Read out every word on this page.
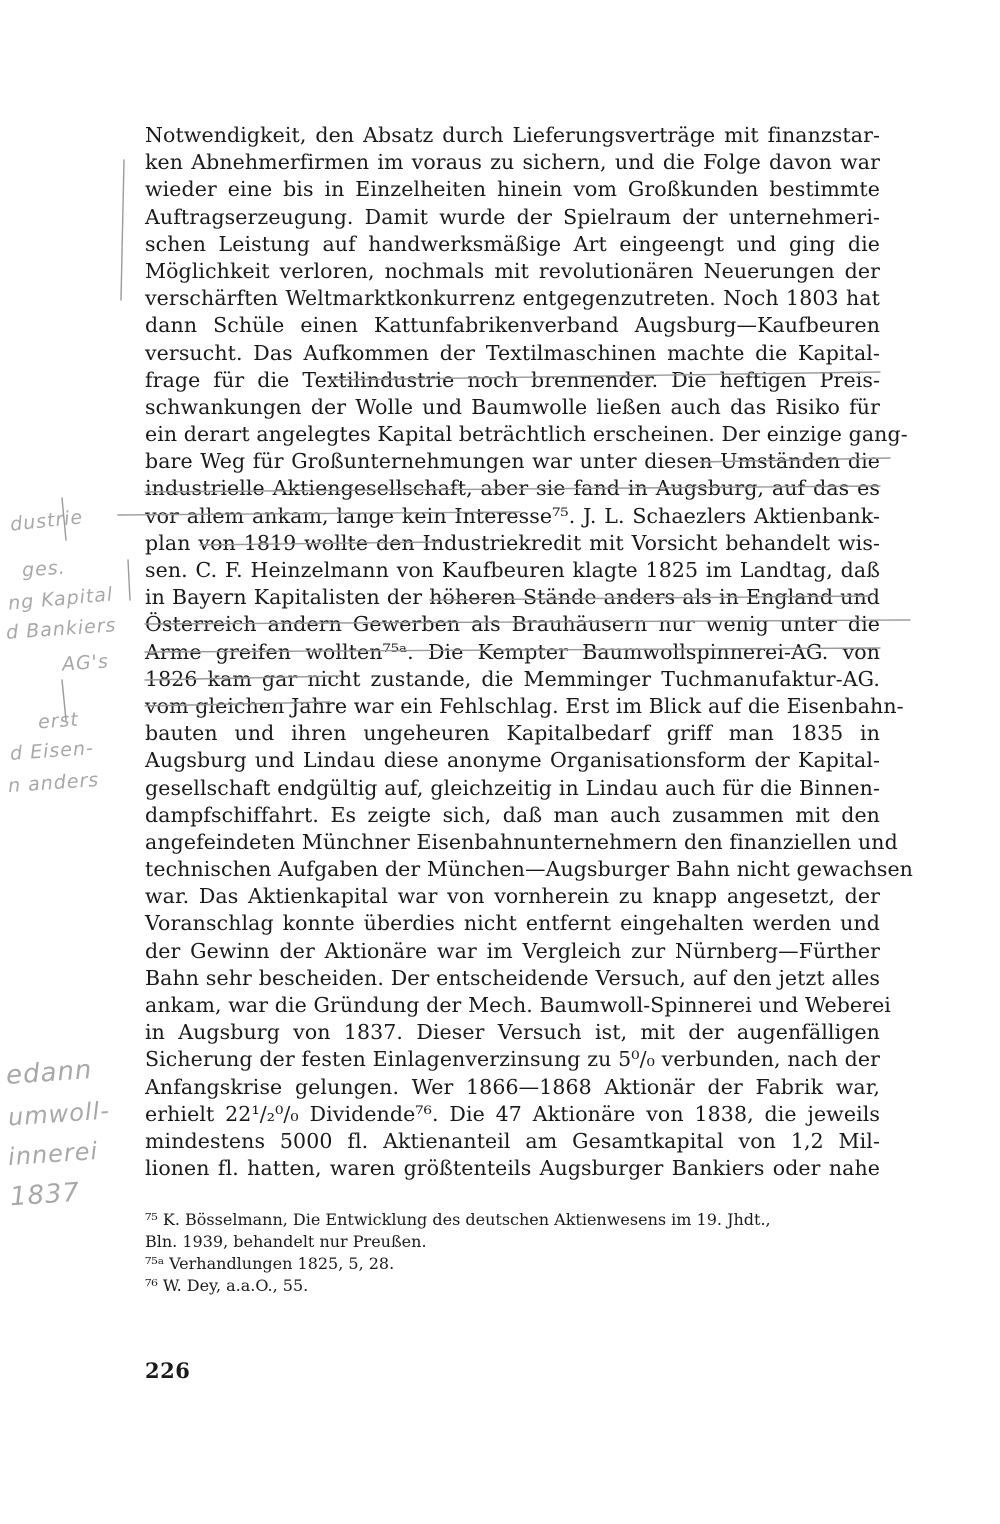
Notwendigkeit, den Absatz durch Lieferungsverträge mit finanzstar-
ken Abnehmerfirmen im voraus zu sichern, und die Folge davon war
wieder eine bis in Einzelheiten hinein vom Großkunden bestimmte
Auftragserzeugung. Damit wurde der Spielraum der unternehmeri-
schen Leistung auf handwerksmäßige Art eingeengt und ging die
Möglichkeit verloren, nochmals mit revolutionären Neuerungen der
verschärften Weltmarktkonkurrenz entgegenzutreten. Noch 1803 hat
dann Schüle einen Kattunfabrikenverband Augsburg—Kaufbeuren
versucht. Das Aufkommen der Textilmaschinen machte die Kapital-
frage für die Textilindustrie noch brennender. Die heftigen Preis-
schwankungen der Wolle und Baumwolle ließen auch das Risiko für
ein derart angelegtes Kapital beträchtlich erscheinen. Der einzige gang-
bare Weg für Großunternehmungen war unter diesen Umständen die
industrielle Aktiengesellschaft, aber sie fand in Augsburg, auf das es
vor allem ankam, lange kein Interesse⁷⁵. J. L. Schaezlers Aktienbank-
plan von 1819 wollte den Industriekredit mit Vorsicht behandelt wis-
sen. C. F. Heinzelmann von Kaufbeuren klagte 1825 im Landtag, daß
in Bayern Kapitalisten der höheren Stände anders als in England und
Österreich andern Gewerben als Brauhäusern nur wenig unter die
Arme greifen wollten⁷⁵ᵃ. Die Kempter Baumwollspinnerei-AG. von
1826 kam gar nicht zustande, die Memminger Tuchmanufaktur-AG.
vom gleichen Jahre war ein Fehlschlag. Erst im Blick auf die Eisenbahn-
bauten und ihren ungeheuren Kapitalbedarf griff man 1835 in
Augsburg und Lindau diese anonyme Organisationsform der Kapital-
gesellschaft endgültig auf, gleichzeitig in Lindau auch für die Binnen-
dampfschiffahrt. Es zeigte sich, daß man auch zusammen mit den
angefeindeten Münchner Eisenbahnunternehmern den finanziellen und
technischen Aufgaben der München—Augsburger Bahn nicht gewachsen
war. Das Aktienkapital war von vornherein zu knapp angesetzt, der
Voranschlag konnte überdies nicht entfernt eingehalten werden und
der Gewinn der Aktionäre war im Vergleich zur Nürnberg—Fürther
Bahn sehr bescheiden. Der entscheidende Versuch, auf den jetzt alles
ankam, war die Gründung der Mech. Baumwoll-Spinnerei und Weberei
in Augsburg von 1837. Dieser Versuch ist, mit der augenfälligen
Sicherung der festen Einlagenverzinsung zu 5⁰/₀ verbunden, nach der
Anfangskrise gelungen. Wer 1866—1868 Aktionär der Fabrik war,
erhielt 22¹/₂⁰/₀ Dividende⁷⁶. Die 47 Aktionäre von 1838, die jeweils
mindestens 5000 fl. Aktienanteil am Gesamtkapital von 1,2 Mil-
lionen fl. hatten, waren größtenteils Augsburger Bankiers oder nahe
⁷⁵ K. Bösselmann, Die Entwicklung des deutschen Aktienwesens im 19. Jhdt.,
Bln. 1939, behandelt nur Preußen.
⁷⁵ᵃ Verhandlungen 1825, 5, 28.
⁷⁶ W. Dey, a.a.O., 55.
226
dustrie
ges.
ng Kapital
d Bankiers
AG's
erst
d Eisen-
n anders
edann
umwoll-
innerei
1837
